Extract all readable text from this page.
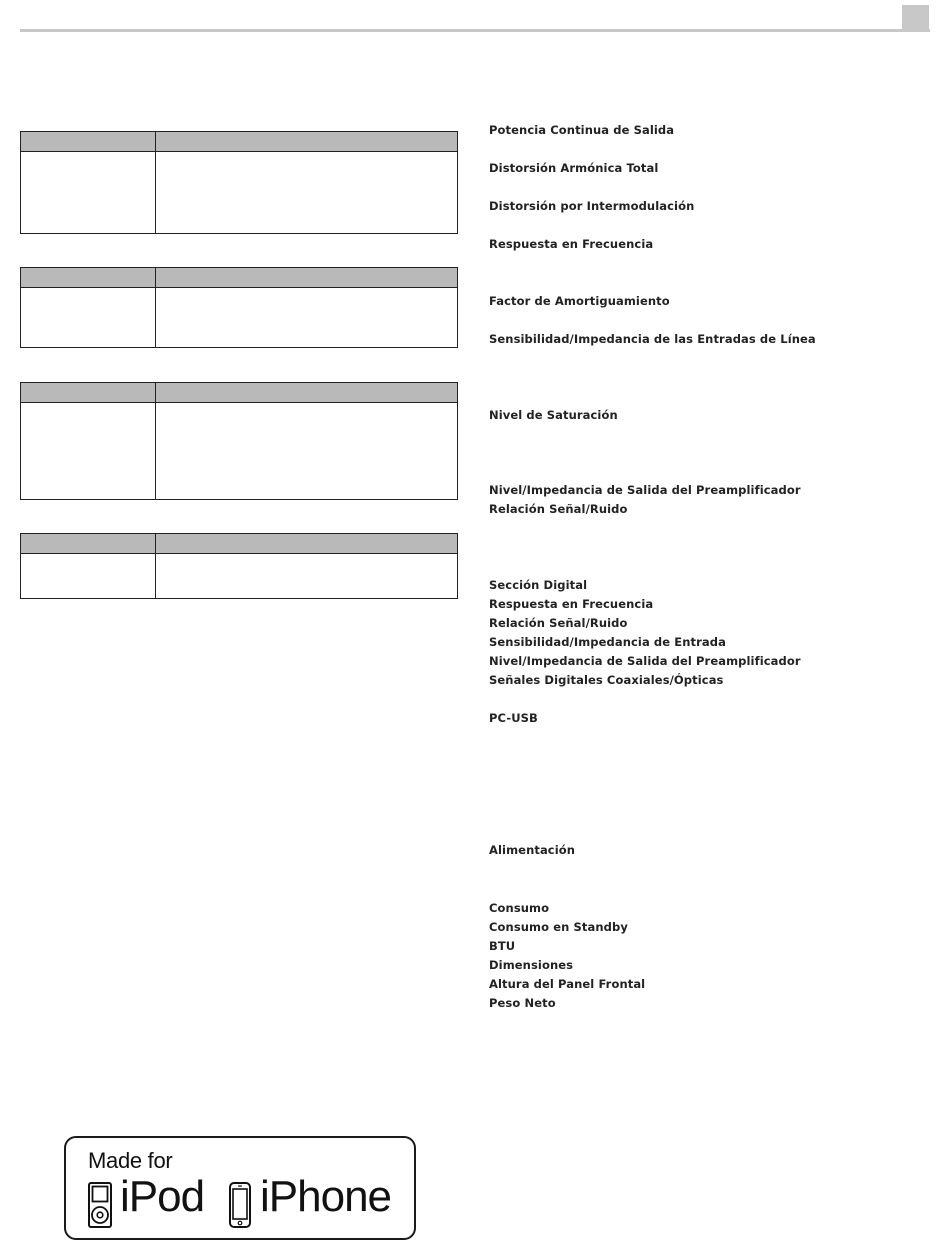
Potencia Continua de Salida
Distorsión Armónica Total
Distorsión por Intermodulación
Respuesta en Frecuencia
Factor de Amortiguamiento
Sensibilidad/Impedancia de las Entradas de Línea
Nivel de Saturación
Nivel/Impedancia de Salida del Preamplificador
Relación Señal/Ruido
Sección Digital
Respuesta en Frecuencia
Relación Señal/Ruido
Sensibilidad/Impedancia de Entrada
Nivel/Impedancia de Salida del Preamplificador
Señales Digitales Coaxiales/Ópticas
PC-USB
Alimentación
Consumo
Consumo en Standby
BTU
Dimensiones
Altura del Panel Frontal
Peso Neto
Made for
iPod iPhone
